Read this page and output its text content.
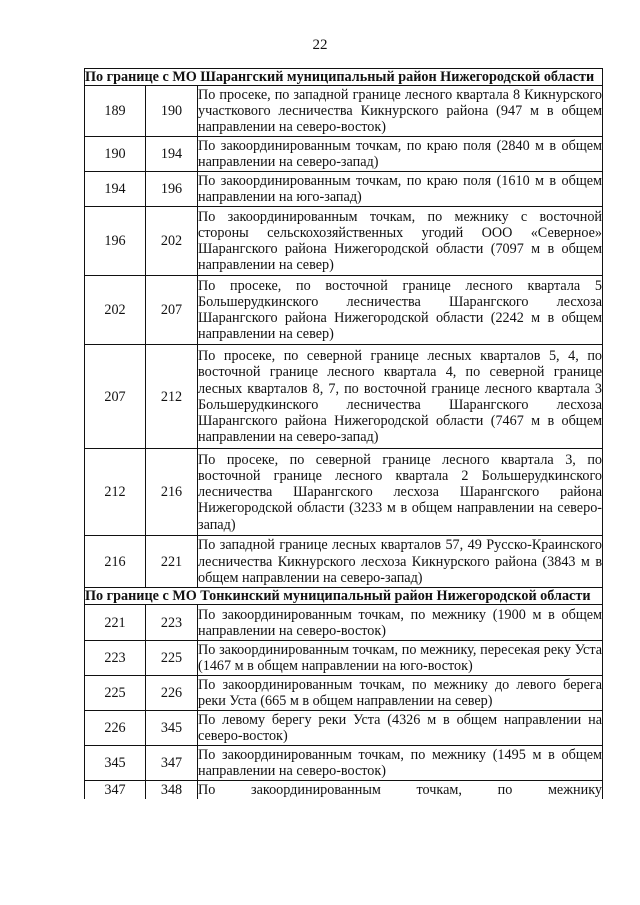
22
По границе с МО Шарангский муниципальный район Нижегородской области		
189	190	По просеке, по западной границе лесного квартала 8 Кикнурского участкового лесничества Кикнурского района (947 м в общем направлении на северо-восток)
190	194	По закоординированным точкам, по краю поля (2840 м в общем направлении на северо-запад)
194	196	По закоординированным точкам, по краю поля (1610 м в общем направлении на юго-запад)
196	202	По закоординированным точкам, по межнику с восточной стороны сельскохозяйственных угодий ООО «Северное» Шарангского района Нижегородской области (7097 м в общем направлении на север)
202	207	По просеке, по восточной границе лесного квартала 5 Большерудкинского лесничества Шарангского лесхоза Шарангского района Нижегородской области (2242 м в общем направлении на север)
207	212	По просеке, по северной границе лесных кварталов 5, 4, по восточной границе лесного квартала 4, по северной границе лесных кварталов 8, 7, по восточной границе лесного квартала 3 Большерудкинского лесничества Шарангского лесхоза Шарангского района Нижегородской области (7467 м в общем направлении на северо-запад)
212	216	По просеке, по северной границе лесного квартала 3, по восточной границе лесного квартала 2 Большерудкинского лесничества Шарангского лесхоза Шарангского района Нижегородской области (3233 м в общем направлении на северо-запад)
216	221	По западной границе лесных кварталов 57, 49 Русско-Краинского лесничества Кикнурского лесхоза Кикнурского района (3843 м в общем направлении на северо-запад)
По границе с МО Тонкинский муниципальный район Нижегородской области		
221	223	По закоординированным точкам, по межнику (1900 м в общем направлении на северо-восток)
223	225	По закоординированным точкам, по межнику, пересекая реку Уста (1467 м в общем направлении на юго-восток)
225	226	По закоординированным точкам, по межнику до левого берега реки Уста (665 м в общем направлении на север)
226	345	По левому берегу реки Уста (4326 м в общем направлении на северо-восток)
345	347	По закоординированным точкам, по межнику (1495 м в общем направлении на северо-восток)
347	348	По закоординированным точкам, по межнику
